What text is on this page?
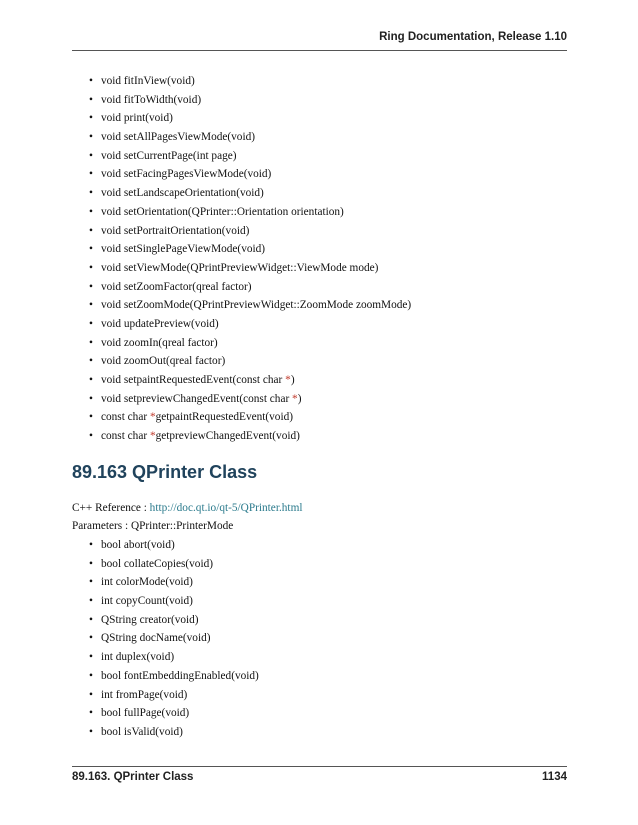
Ring Documentation, Release 1.10
• void fitInView(void)
• void fitToWidth(void)
• void print(void)
• void setAllPagesViewMode(void)
• void setCurrentPage(int page)
• void setFacingPagesViewMode(void)
• void setLandscapeOrientation(void)
• void setOrientation(QPrinter::Orientation orientation)
• void setPortraitOrientation(void)
• void setSinglePageViewMode(void)
• void setViewMode(QPrintPreviewWidget::ViewMode mode)
• void setZoomFactor(qreal factor)
• void setZoomMode(QPrintPreviewWidget::ZoomMode zoomMode)
• void updatePreview(void)
• void zoomIn(qreal factor)
• void zoomOut(qreal factor)
• void setpaintRequestedEvent(const char *)
• void setpreviewChangedEvent(const char *)
• const char *getpaintRequestedEvent(void)
• const char *getpreviewChangedEvent(void)
89.163 QPrinter Class
C++ Reference : http://doc.qt.io/qt-5/QPrinter.html
Parameters : QPrinter::PrinterMode
• bool abort(void)
• bool collateCopies(void)
• int colorMode(void)
• int copyCount(void)
• QString creator(void)
• QString docName(void)
• int duplex(void)
• bool fontEmbeddingEnabled(void)
• int fromPage(void)
• bool fullPage(void)
• bool isValid(void)
89.163. QPrinter Class	1134
